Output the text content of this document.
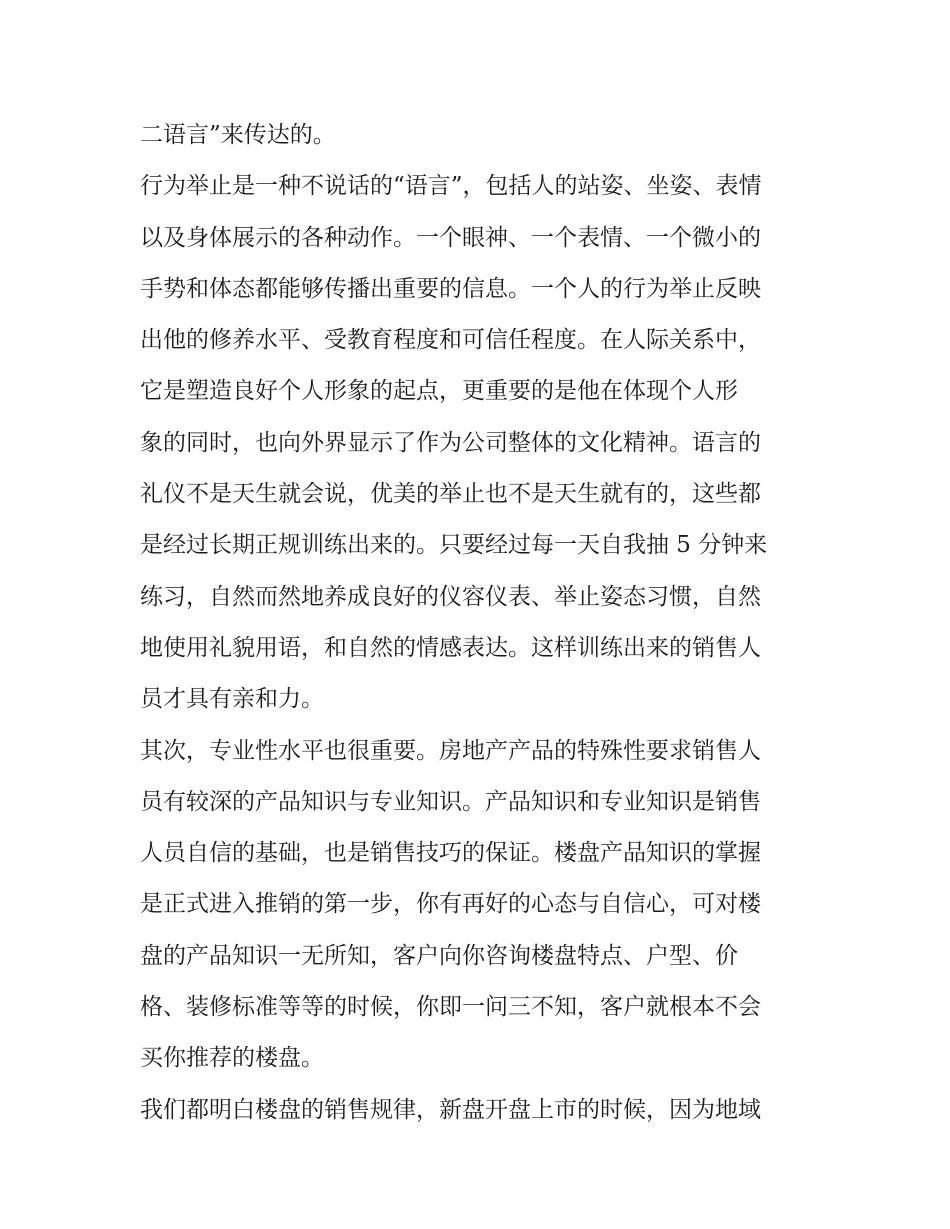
二语言”来传达的。
行为举止是一种不说话的“语言”，包括人的站姿、坐姿、表情
以及身体展示的各种动作。一个眼神、一个表情、一个微小的
手势和体态都能够传播出重要的信息。一个人的行为举止反映
出他的修养水平、受教育程度和可信任程度。在人际关系中，
它是塑造良好个人形象的起点，更重要的是他在体现个人形
象的同时，也向外界显示了作为公司整体的文化精神。语言的
礼仪不是天生就会说，优美的举止也不是天生就有的，这些都
是经过长期正规训练出来的。只要经过每一天自我抽 5 分钟来
练习，自然而然地养成良好的仪容仪表、举止姿态习惯，自然
地使用礼貌用语，和自然的情感表达。这样训练出来的销售人
员才具有亲和力。
其次，专业性水平也很重要。房地产产品的特殊性要求销售人
员有较深的产品知识与专业知识。产品知识和专业知识是销售
人员自信的基础，也是销售技巧的保证。楼盘产品知识的掌握
是正式进入推销的第一步，你有再好的心态与自信心，可对楼
盘的产品知识一无所知，客户向你咨询楼盘特点、户型、价
格、装修标准等等的时候，你即一问三不知，客户就根本不会
买你推荐的楼盘。
我们都明白楼盘的销售规律，新盘开盘上市的时候，因为地域
